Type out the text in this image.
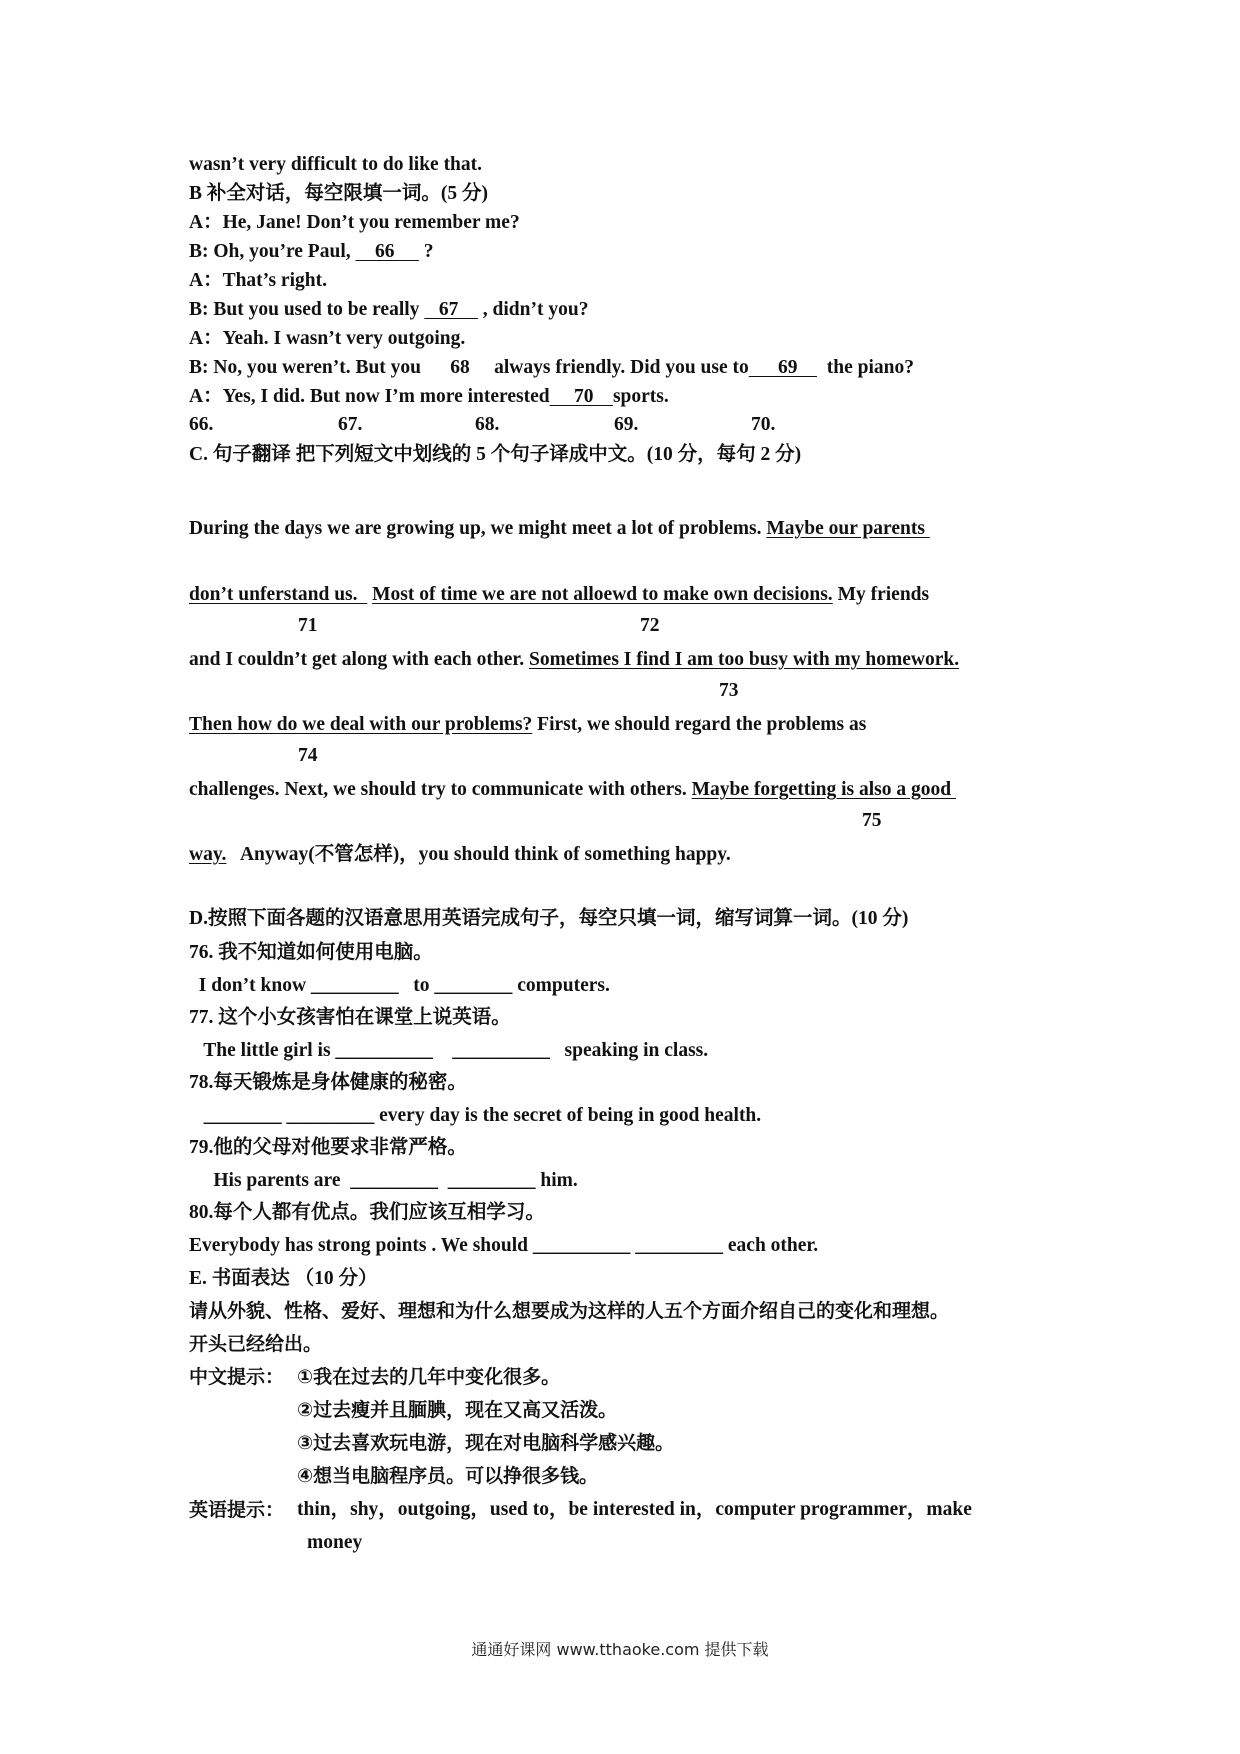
wasn’t very difficult to do like that.
B 补全对话，每空限填一词。(5 分)
A：He, Jane! Don’t you remember me?
B: Oh, you’re Paul,     66      ?
A：That’s right.
B: But you used to be really    67     , didn’t you?
A：Yeah. I wasn’t very outgoing.
B: No, you weren’t. But you      68     always friendly. Did you use to      69      the piano?
A：Yes, I did. But now I’m more interested     70    sports.
66.	67.	68.	69.	70.
C. 句子翻译 把下列短文中划线的 5 个句子译成中文。(10 分，每句 2 分)
During the days we are growing up, we might meet a lot of problems. Maybe our parents
don’t unferstand us.   Most of time we are not alloewd to make own decisions. My friends
71	72
and I couldn’t get along with each other. Sometimes I find I am too busy with my homework.
73
Then how do we deal with our problems? First, we should regard the problems as
74
challenges. Next, we should try to communicate with others. Maybe forgetting is also a good
75
way.   Anyway(不管怎样)，you should think of something happy.
D.按照下面各题的汉语意思用英语完成句子，每空只填一词，缩写词算一词。(10 分)
76. 我不知道如何使用电脑。
I don’t know _________   to ________ computers.
77. 这个小女孩害怕在课堂上说英语。
The little girl is __________    __________   speaking in class.
78.每天锻炼是身体健康的秘密。
________ _________ every day is the secret of being in good health.
79.他的父母对他要求非常严格。
His parents are  _________  _________ him.
80.每个人都有优点。我们应该互相学习。
Everybody has strong points . We should __________ _________ each other.
E. 书面表达 （10 分）
请从外貌、性格、爱好、理想和为什么想要成为这样的人五个方面介绍自己的变化和理想。
开头已经给出。
中文提示： ①我在过去的几年中变化很多。
②过去瘦并且腼腆，现在又高又活泼。
③过去喜欢玩电游，现在对电脑科学感兴趣。
④想当电脑程序员。可以挣很多钱。
英语提示： thin，shy，outgoing，used to，be interested in，computer programmer，make
money
通通好课网 www.tthaoke.com 提供下载
